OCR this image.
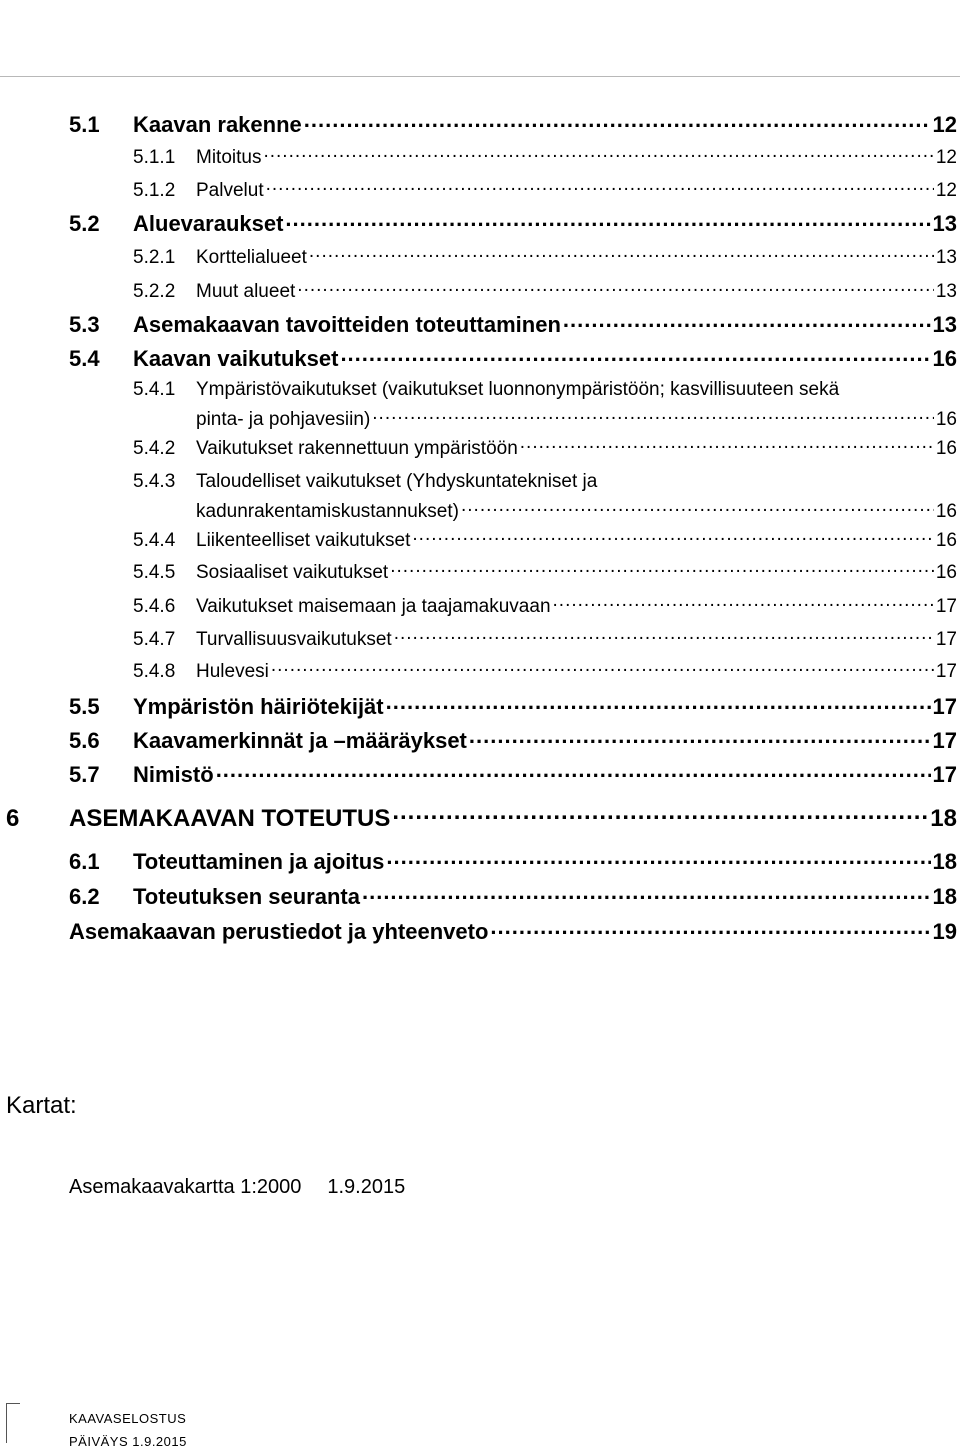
5.1	Kaavan rakenne .....	12
5.1.1	Mitoitus .....	12
5.1.2	Palvelut .....	12
5.2	Aluevaraukset .....	13
5.2.1	Korttelialueet .....	13
5.2.2	Muut alueet .....	13
5.3	Asemakaavan tavoitteiden toteuttaminen .....	13
5.4	Kaavan vaikutukset .....	16
5.4.1	Ympäristövaikutukset (vaikutukset luonnonympäristöön; kasvillisuuteen sekä
pinta- ja pohjavesiin) .....	16
5.4.2	Vaikutukset rakennettuun ympäristöön .....	16
5.4.3	Taloudelliset vaikutukset (Yhdyskuntatekniset ja
kadunrakentamiskustannukset) .....	16
5.4.4	Liikenteelliset vaikutukset .....	16
5.4.5	Sosiaaliset vaikutukset .....	16
5.4.6	Vaikutukset maisemaan ja taajamakuvaan .....	17
5.4.7	Turvallisuusvaikutukset .....	17
5.4.8	Hulevesi .....	17
5.5	Ympäristön häiriötekijät .....	17
5.6	Kaavamerkinnät ja –määräykset .....	17
5.7	Nimistö .....	17
6	ASEMAKAAVAN TOTEUTUS .....	18
6.1	Toteuttaminen ja ajoitus .....	18
6.2	Toteutuksen seuranta .....	18
Asemakaavan perustiedot ja yhteenveto .....	19
Kartat:
Asemakaavakartta 1:2000 1.9.2015
KAAVASELOSTUS
PÄIVÄYS 1.9.2015
